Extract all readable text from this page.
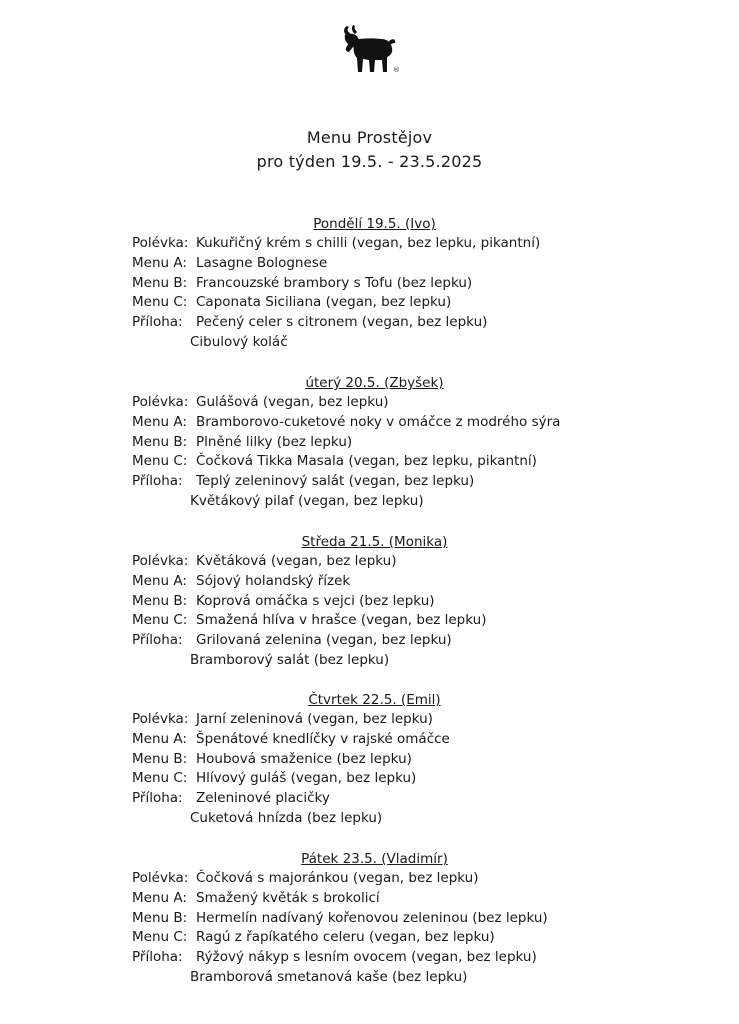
®
Menu Prostějov
pro týden 19.5. - 23.5.2025
Pondělí 19.5. (Ivo)
Polévka: Kukuřičný krém s chilli (vegan, bez lepku, pikantní)
Menu A: Lasagne Bolognese
Menu B: Francouzské brambory s Tofu (bez lepku)
Menu C: Caponata Siciliana (vegan, bez lepku)
Příloha: Pečený celer s citronem (vegan, bez lepku)
Cibulový koláč
úterý 20.5. (Zbyšek)
Polévka: Gulášová (vegan, bez lepku)
Menu A: Bramborovo-cuketové noky v omáčce z modrého sýra
Menu B: Plněné lilky (bez lepku)
Menu C: Čočková Tikka Masala (vegan, bez lepku, pikantní)
Příloha: Teplý zeleninový salát (vegan, bez lepku)
Květákový pilaf (vegan, bez lepku)
Středa 21.5. (Monika)
Polévka: Květáková (vegan, bez lepku)
Menu A: Sójový holandský řízek
Menu B: Koprová omáčka s vejci (bez lepku)
Menu C: Smažená hlíva v hrašce (vegan, bez lepku)
Příloha: Grilovaná zelenina (vegan, bez lepku)
Bramborový salát (bez lepku)
Čtvrtek 22.5. (Emil)
Polévka: Jarní zeleninová (vegan, bez lepku)
Menu A: Špenátové knedlíčky v rajské omáčce
Menu B: Houbová smaženice (bez lepku)
Menu C: Hlívový guláš (vegan, bez lepku)
Příloha: Zeleninové placičky
Cuketová hnízda (bez lepku)
Pátek 23.5. (Vladimír)
Polévka: Čočková s majoránkou (vegan, bez lepku)
Menu A: Smažený květák s brokolicí
Menu B: Hermelín nadívaný kořenovou zeleninou (bez lepku)
Menu C: Ragú z řapíkatého celeru (vegan, bez lepku)
Příloha: Rýžový nákyp s lesním ovocem (vegan, bez lepku)
Bramborová smetanová kaše (bez lepku)
